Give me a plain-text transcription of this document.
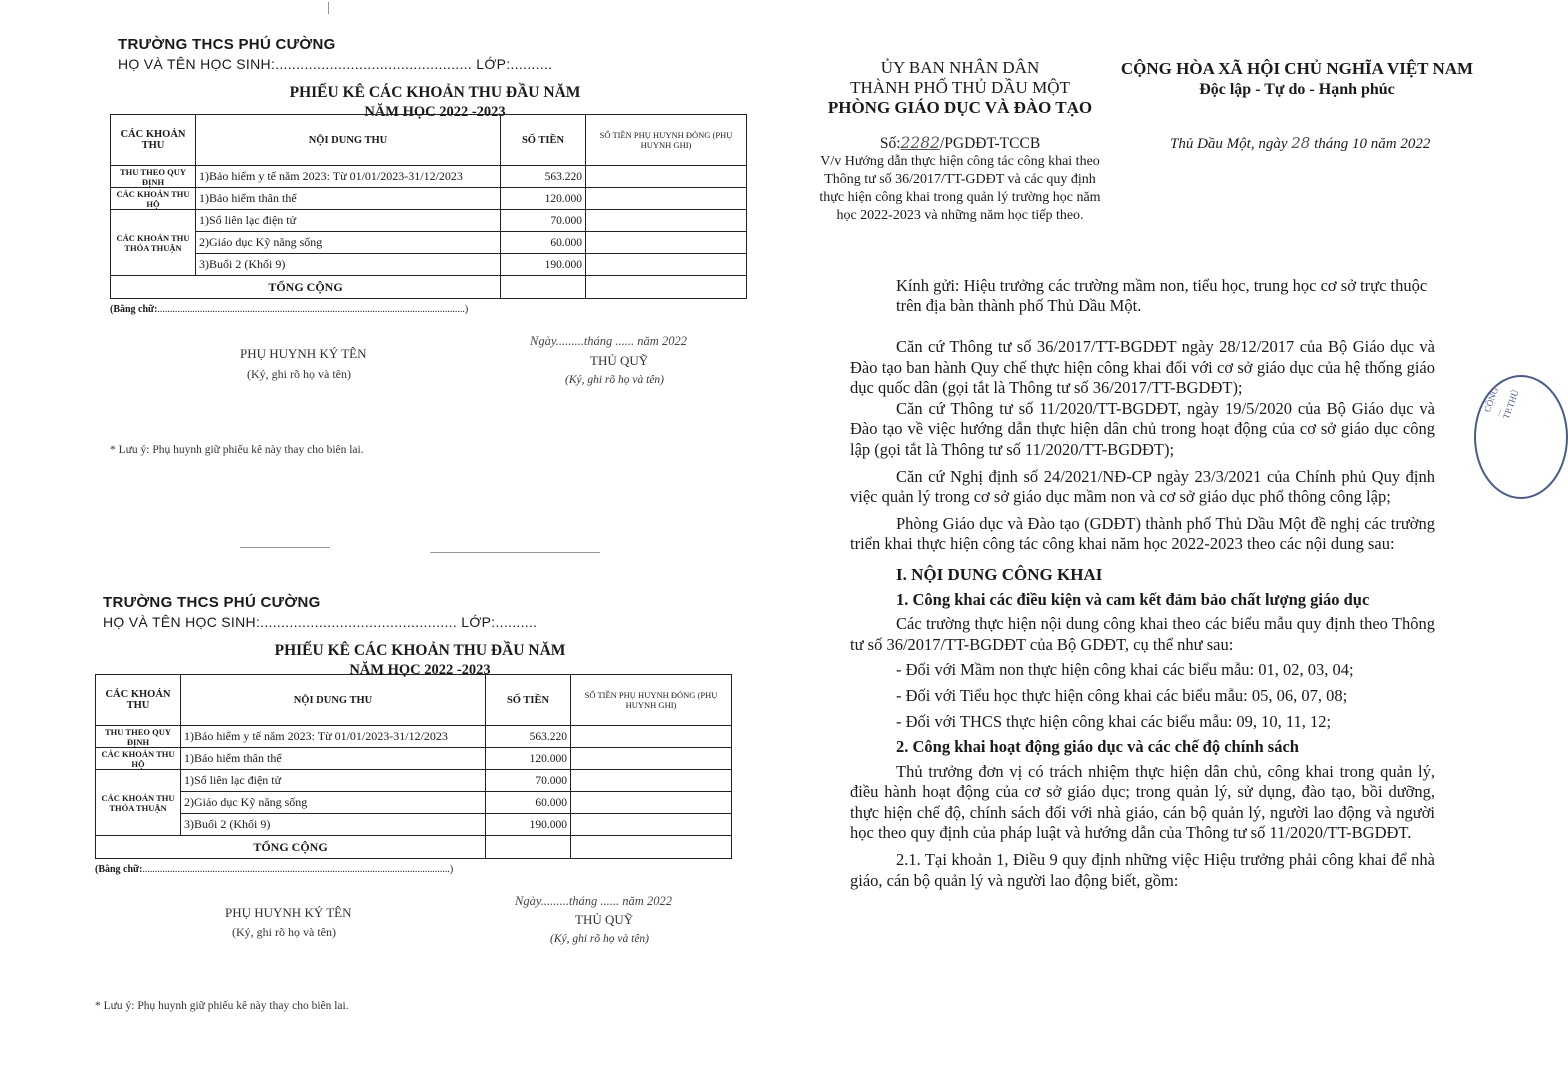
TRƯỜNG THCS PHÚ CƯỜNG
HỌ VÀ TÊN HỌC SINH:............................................... LỚP:..........
PHIẾU KÊ CÁC KHOẢN THU ĐẦU NĂM
NĂM HỌC 2022 -2023
CÁC KHOẢN THU	NỘI DUNG THU	SỐ TIỀN	SỐ TIỀN PHỤ HUYNH ĐÓNG (PHỤ HUYNH GHI)
THU THEO QUY ĐỊNH	1)Bảo hiểm y tế năm 2023: Từ 01/01/2023-31/12/2023	563.220	
CÁC KHOẢN THU HỘ	1)Bảo hiểm thân thể	120.000	
CÁC KHOẢN THU THỎA THUẬN	1)Sổ liên lạc điện tử	70.000	
	2)Giáo dục Kỹ năng sống	60.000	
	3)Buổi 2 (Khối 9)	190.000	
TỔNG CỘNG			
(Bằng chữ:...........................................................................................................................)
Ngày.........tháng ...... năm 2022
THỦ QUỸ
(Ký, ghi rõ họ và tên)
PHỤ HUYNH KÝ TÊN
(Ký, ghi rõ họ và tên)
* Lưu ý: Phụ huynh giữ phiếu kê này thay cho biên lai.
TRƯỜNG THCS PHÚ CƯỜNG
HỌ VÀ TÊN HỌC SINH:............................................... LỚP:..........
PHIẾU KÊ CÁC KHOẢN THU ĐẦU NĂM
NĂM HỌC 2022 -2023
CÁC KHOẢN THU	NỘI DUNG THU	SỐ TIỀN	SỐ TIỀN PHỤ HUYNH ĐÓNG (PHỤ HUYNH GHI)
THU THEO QUY ĐỊNH	1)Bảo hiểm y tế năm 2023: Từ 01/01/2023-31/12/2023	563.220	
CÁC KHOẢN THU HỘ	1)Bảo hiểm thân thể	120.000	
CÁC KHOẢN THU THỎA THUẬN	1)Sổ liên lạc điện tử	70.000	
	2)Giáo dục Kỹ năng sống	60.000	
	3)Buổi 2 (Khối 9)	190.000	
TỔNG CỘNG			
(Bằng chữ:...........................................................................................................................)
Ngày.........tháng ...... năm 2022
THỦ QUỸ
(Ký, ghi rõ họ và tên)
PHỤ HUYNH KÝ TÊN
(Ký, ghi rõ họ và tên)
* Lưu ý: Phụ huynh giữ phiếu kê này thay cho biên lai.
ỦY BAN NHÂN DÂN
THÀNH PHỐ THỦ DẦU MỘT
PHÒNG GIÁO DỤC VÀ ĐÀO TẠO
CỘNG HÒA XÃ HỘI CHỦ NGHĨA VIỆT NAM
Độc lập - Tự do - Hạnh phúc
Số:2282/PGDĐT-TCCB
V/v Hướng dẫn thực hiện công tác công khai theo Thông tư số 36/2017/TT-GDĐT và các quy định thực hiện công khai trong quản lý trường học năm học 2022-2023 và những năm học tiếp theo.
Thủ Dầu Một, ngày 28 tháng 10 năm 2022
Kính gửi: Hiệu trưởng các trường mầm non, tiểu học, trung học cơ sở trực thuộc trên địa bàn thành phố Thủ Dầu Một.

Căn cứ Thông tư số 36/2017/TT-BGDĐT ngày 28/12/2017 của Bộ Giáo dục và Đào tạo ban hành Quy chế thực hiện công khai đối với cơ sở giáo dục của hệ thống giáo dục quốc dân (gọi tắt là Thông tư số 36/2017/TT-BGDĐT);

Căn cứ Thông tư số 11/2020/TT-BGDĐT, ngày 19/5/2020 của Bộ Giáo dục và Đào tạo về việc hướng dẫn thực hiện dân chủ trong hoạt động của cơ sở giáo dục công lập (gọi tắt là Thông tư số 11/2020/TT-BGDĐT);

Căn cứ Nghị định số 24/2021/NĐ-CP ngày 23/3/2021 của Chính phủ Quy định việc quản lý trong cơ sở giáo dục mầm non và cơ sở giáo dục phổ thông công lập;

Phòng Giáo dục và Đào tạo (GDĐT) thành phố Thủ Dầu Một đề nghị các trường triển khai thực hiện công tác công khai năm học 2022-2023 theo các nội dung sau:

I. NỘI DUNG CÔNG KHAI
1. Công khai các điều kiện và cam kết đảm bảo chất lượng giáo dục

Các trường thực hiện nội dung công khai theo các biểu mẫu quy định theo Thông tư số 36/2017/TT-BGDĐT của Bộ GDĐT, cụ thể như sau:

- Đối với Mầm non thực hiện công khai các biểu mẫu: 01, 02, 03, 04;

- Đối với Tiểu học thực hiện công khai các biểu mẫu: 05, 06, 07, 08;

- Đối với THCS thực hiện công khai các biểu mẫu: 09, 10, 11, 12;

2. Công khai hoạt động giáo dục và các chế độ chính sách

Thủ trưởng đơn vị có trách nhiệm thực hiện dân chủ, công khai trong quản lý, điều hành hoạt động của cơ sở giáo dục; trong quản lý, sử dụng, đào tạo, bồi dưỡng, thực hiện chế độ, chính sách đối với nhà giáo, cán bộ quản lý, người lao động và người học theo quy định của pháp luật và hướng dẫn của Thông tư số 11/2020/TT-BGDĐT.

2.1. Tại khoản 1, Điều 9 quy định những việc Hiệu trưởng phải công khai để nhà giáo, cán bộ quản lý và người lao động biết, gồm:

CÔNG ... TP.THỦ
